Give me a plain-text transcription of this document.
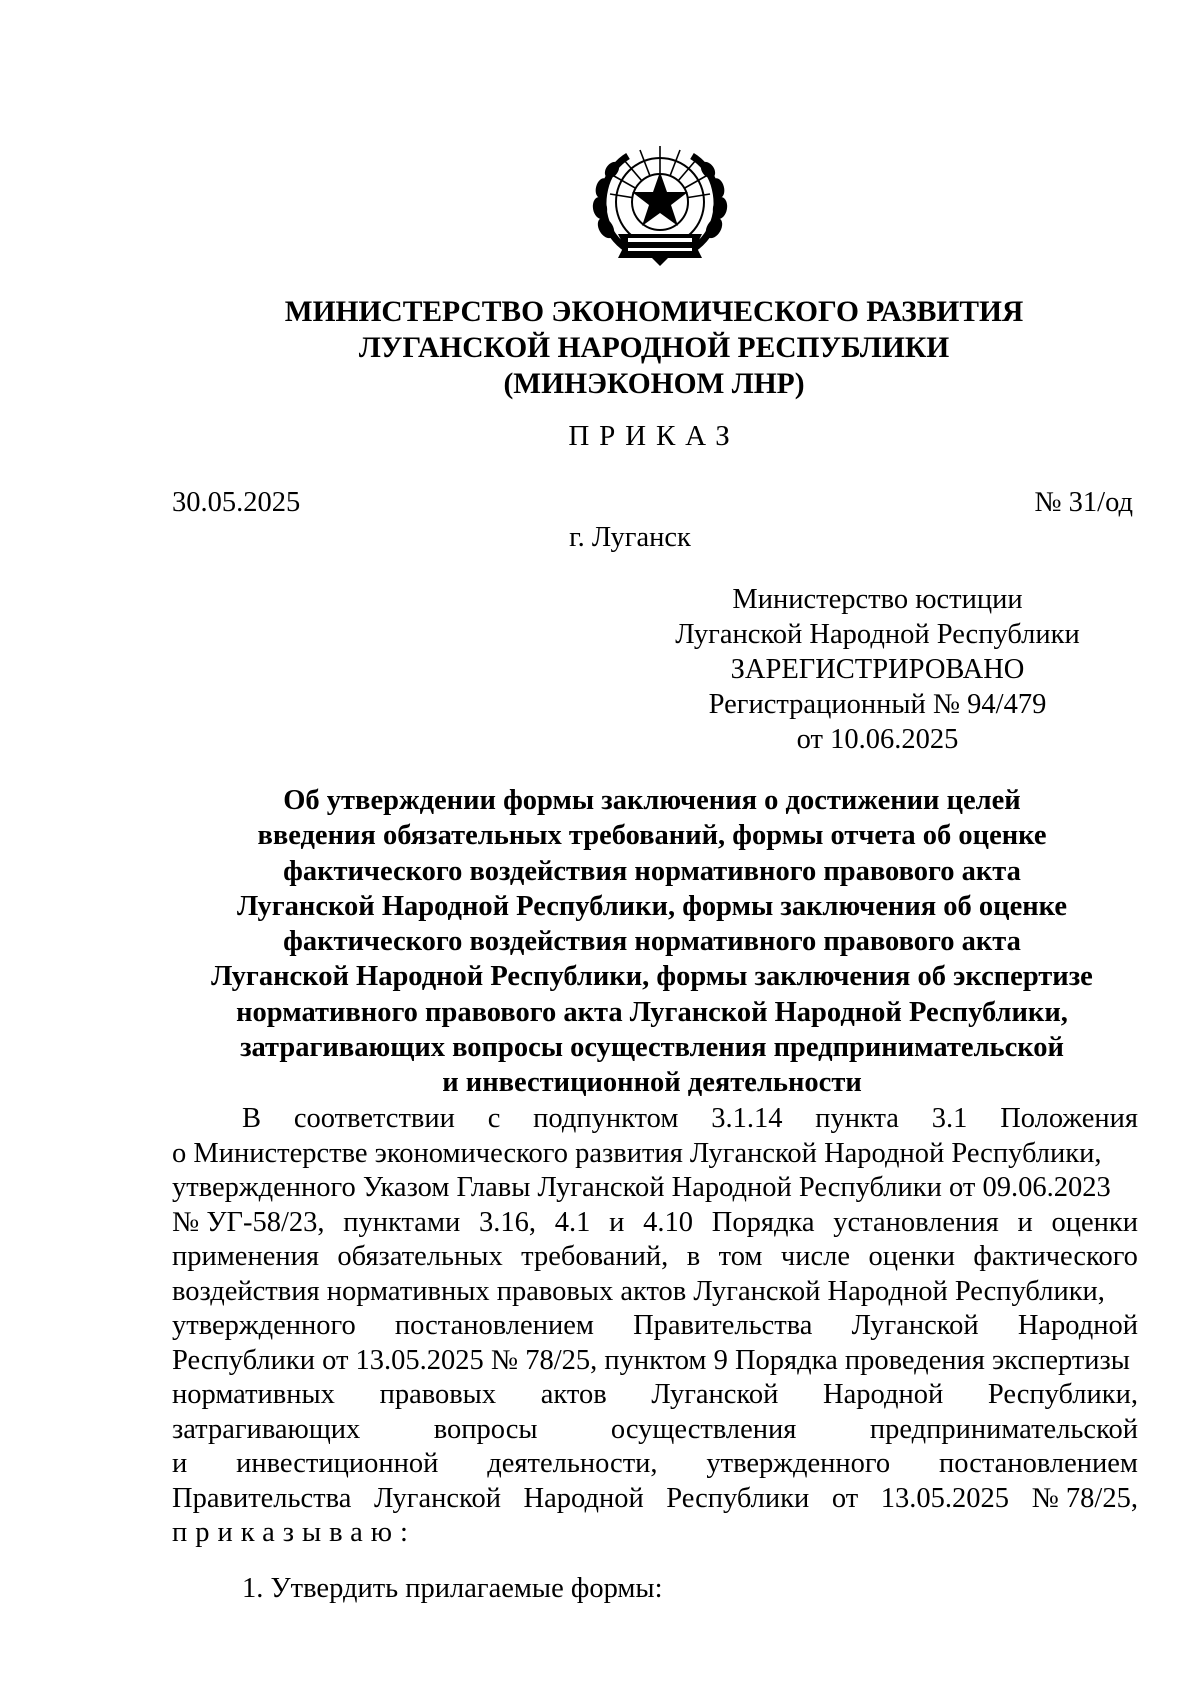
МИНИСТЕРСТВО ЭКОНОМИЧЕСКОГО РАЗВИТИЯ
ЛУГАНСКОЙ НАРОДНОЙ РЕСПУБЛИКИ
(МИНЭКОНОМ ЛНР)
ПРИКАЗ
30.05.2025	№ 31/од
г. Луганск
Министерство юстиции
Луганской Народной Республики
ЗАРЕГИСТРИРОВАНО
Регистрационный № 94/479
от 10.06.2025
Об утверждении формы заключения о достижении целей
введения обязательных требований, формы отчета об оценке
фактического воздействия нормативного правового акта
Луганской Народной Республики, формы заключения об оценке
фактического воздействия нормативного правового акта
Луганской Народной Республики, формы заключения об экспертизе
нормативного правового акта Луганской Народной Республики,
затрагивающих вопросы осуществления предпринимательской
и инвестиционной деятельности
В соответствии с подпунктом 3.1.14 пункта 3.1 Положения
о Министерстве экономического развития Луганской Народной Республики,
утвержденного Указом Главы Луганской Народной Республики от 09.06.2023
№ УГ-58/23, пунктами 3.16, 4.1 и 4.10 Порядка установления и оценки
применения обязательных требований, в том числе оценки фактического
воздействия нормативных правовых актов Луганской Народной Республики,
утвержденного постановлением Правительства Луганской Народной
Республики от 13.05.2025 № 78/25, пунктом 9 Порядка проведения экспертизы
нормативных правовых актов Луганской Народной Республики,
затрагивающих	вопросы	осуществления	предпринимательской
и инвестиционной деятельности, утвержденного постановлением
Правительства Луганской Народной Республики от 13.05.2025 № 78/25,
приказываю:
1. Утвердить прилагаемые формы:
